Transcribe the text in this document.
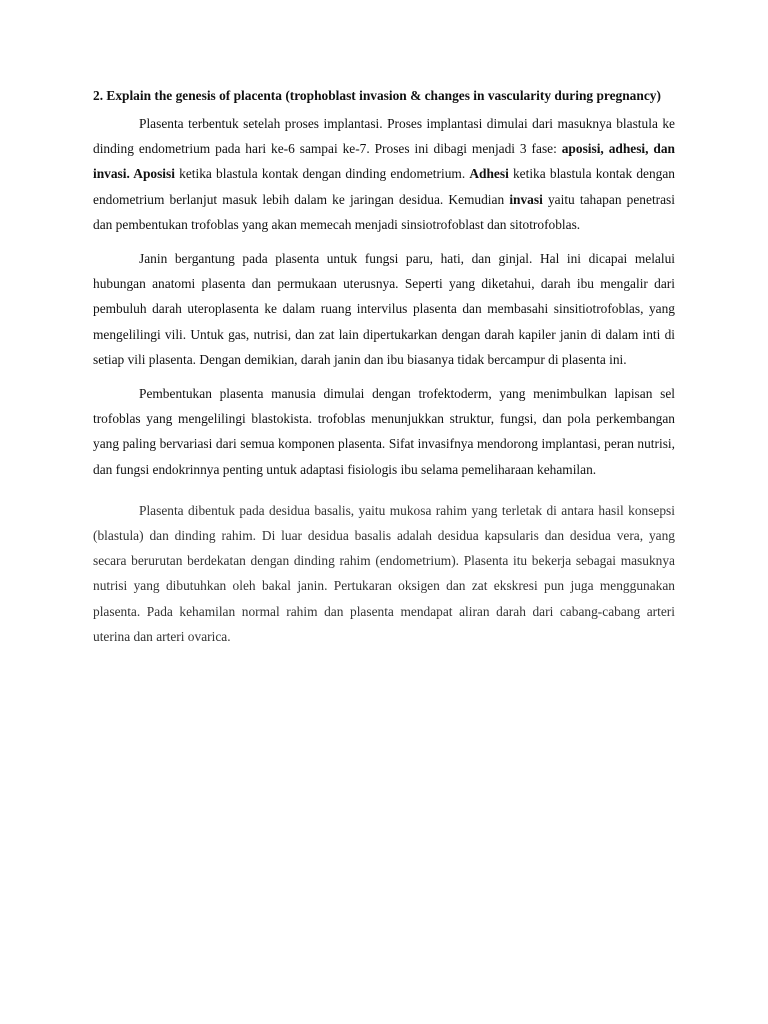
2. Explain the genesis of placenta (trophoblast invasion & changes in vascularity during pregnancy)

Plasenta terbentuk setelah proses implantasi. Proses implantasi dimulai dari masuknya blastula ke dinding endometrium pada hari ke-6 sampai ke-7. Proses ini dibagi menjadi 3 fase: aposisi, adhesi, dan invasi. Aposisi ketika blastula kontak dengan dinding endometrium. Adhesi ketika blastula kontak dengan endometrium berlanjut masuk lebih dalam ke jaringan desidua. Kemudian invasi yaitu tahapan penetrasi dan pembentukan trofoblas yang akan memecah menjadi sinsiotrofoblast dan sitotrofoblas.

Janin bergantung pada plasenta untuk fungsi paru, hati, dan ginjal. Hal ini dicapai melalui hubungan anatomi plasenta dan permukaan uterusnya. Seperti yang diketahui, darah ibu mengalir dari pembuluh darah uteroplasenta ke dalam ruang intervilus plasenta dan membasahi sinsitiotrofoblas, yang mengelilingi vili. Untuk gas, nutrisi, dan zat lain dipertukarkan dengan darah kapiler janin di dalam inti di setiap vili plasenta. Dengan demikian, darah janin dan ibu biasanya tidak bercampur di plasenta ini.

Pembentukan plasenta manusia dimulai dengan trofektoderm, yang menimbulkan lapisan sel trofoblas yang mengelilingi blastokista. trofoblas menunjukkan struktur, fungsi, dan pola perkembangan yang paling bervariasi dari semua komponen plasenta. Sifat invasifnya mendorong implantasi, peran nutrisi, dan fungsi endokrinnya penting untuk adaptasi fisiologis ibu selama pemeliharaan kehamilan.

Plasenta dibentuk pada desidua basalis, yaitu mukosa rahim yang terletak di antara hasil konsepsi (blastula) dan dinding rahim. Di luar desidua basalis adalah desidua kapsularis dan desidua vera, yang secara berurutan berdekatan dengan dinding rahim (endometrium). Plasenta itu bekerja sebagai masuknya nutrisi yang dibutuhkan oleh bakal janin. Pertukaran oksigen dan zat ekskresi pun juga menggunakan plasenta. Pada kehamilan normal rahim dan plasenta mendapat aliran darah dari cabang-cabang arteri uterina dan arteri ovarica.
